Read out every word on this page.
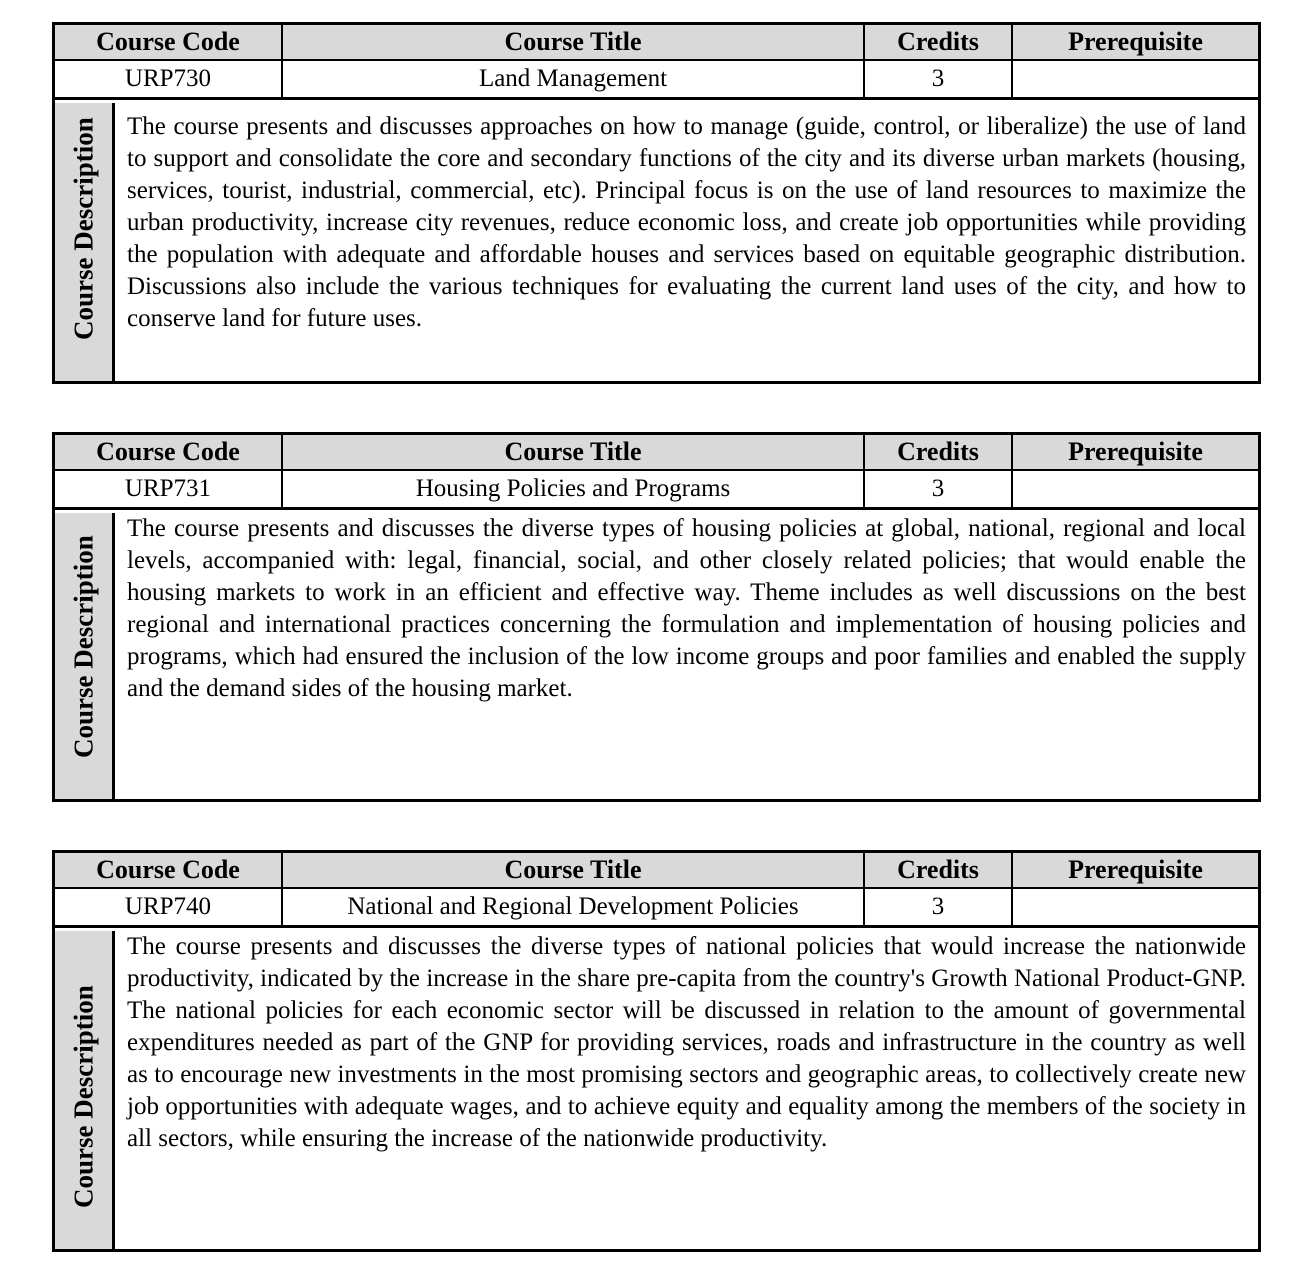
Course Code	Course Title	Credits	Prerequisite
URP730	Land Management	3
Course Description	The course presents and discusses approaches on how to manage (guide, control, or liberalize) the use of land to support and consolidate the core and secondary functions of the city and its diverse urban markets (housing, services, tourist, industrial, commercial, etc). Principal focus is on the use of land resources to maximize the urban productivity, increase city revenues, reduce economic loss, and create job opportunities while providing the population with adequate and affordable houses and services based on equitable geographic distribution. Discussions also include the various techniques for evaluating the current land uses of the city, and how to conserve land for future uses.
Course Code	Course Title	Credits	Prerequisite
URP731	Housing Policies and Programs	3
Course Description
The course presents and discusses the diverse types of housing policies at global, national, regional and local levels, accompanied with: legal, financial, social, and other closely related policies; that would enable the housing markets to work in an efficient and effective way. Theme includes as well discussions on the best regional and international practices concerning the formulation and implementation of housing policies and programs, which had ensured the inclusion of the low income groups and poor families and enabled the supply and the demand sides of the housing market.
Course Code	Course Title	Credits	Prerequisite
URP740	National and Regional Development Policies	3
Course Description
The course presents and discusses the diverse types of national policies that would increase the nationwide productivity, indicated by the increase in the share pre-capita from the country's Growth National Product-GNP. The national policies for each economic sector will be discussed in relation to the amount of governmental expenditures needed as part of the GNP for providing services, roads and infrastructure in the country as well as to encourage new investments in the most promising sectors and geographic areas, to collectively create new job opportunities with adequate wages, and to achieve equity and equality among the members of the society in all sectors, while ensuring the increase of the nationwide productivity.
